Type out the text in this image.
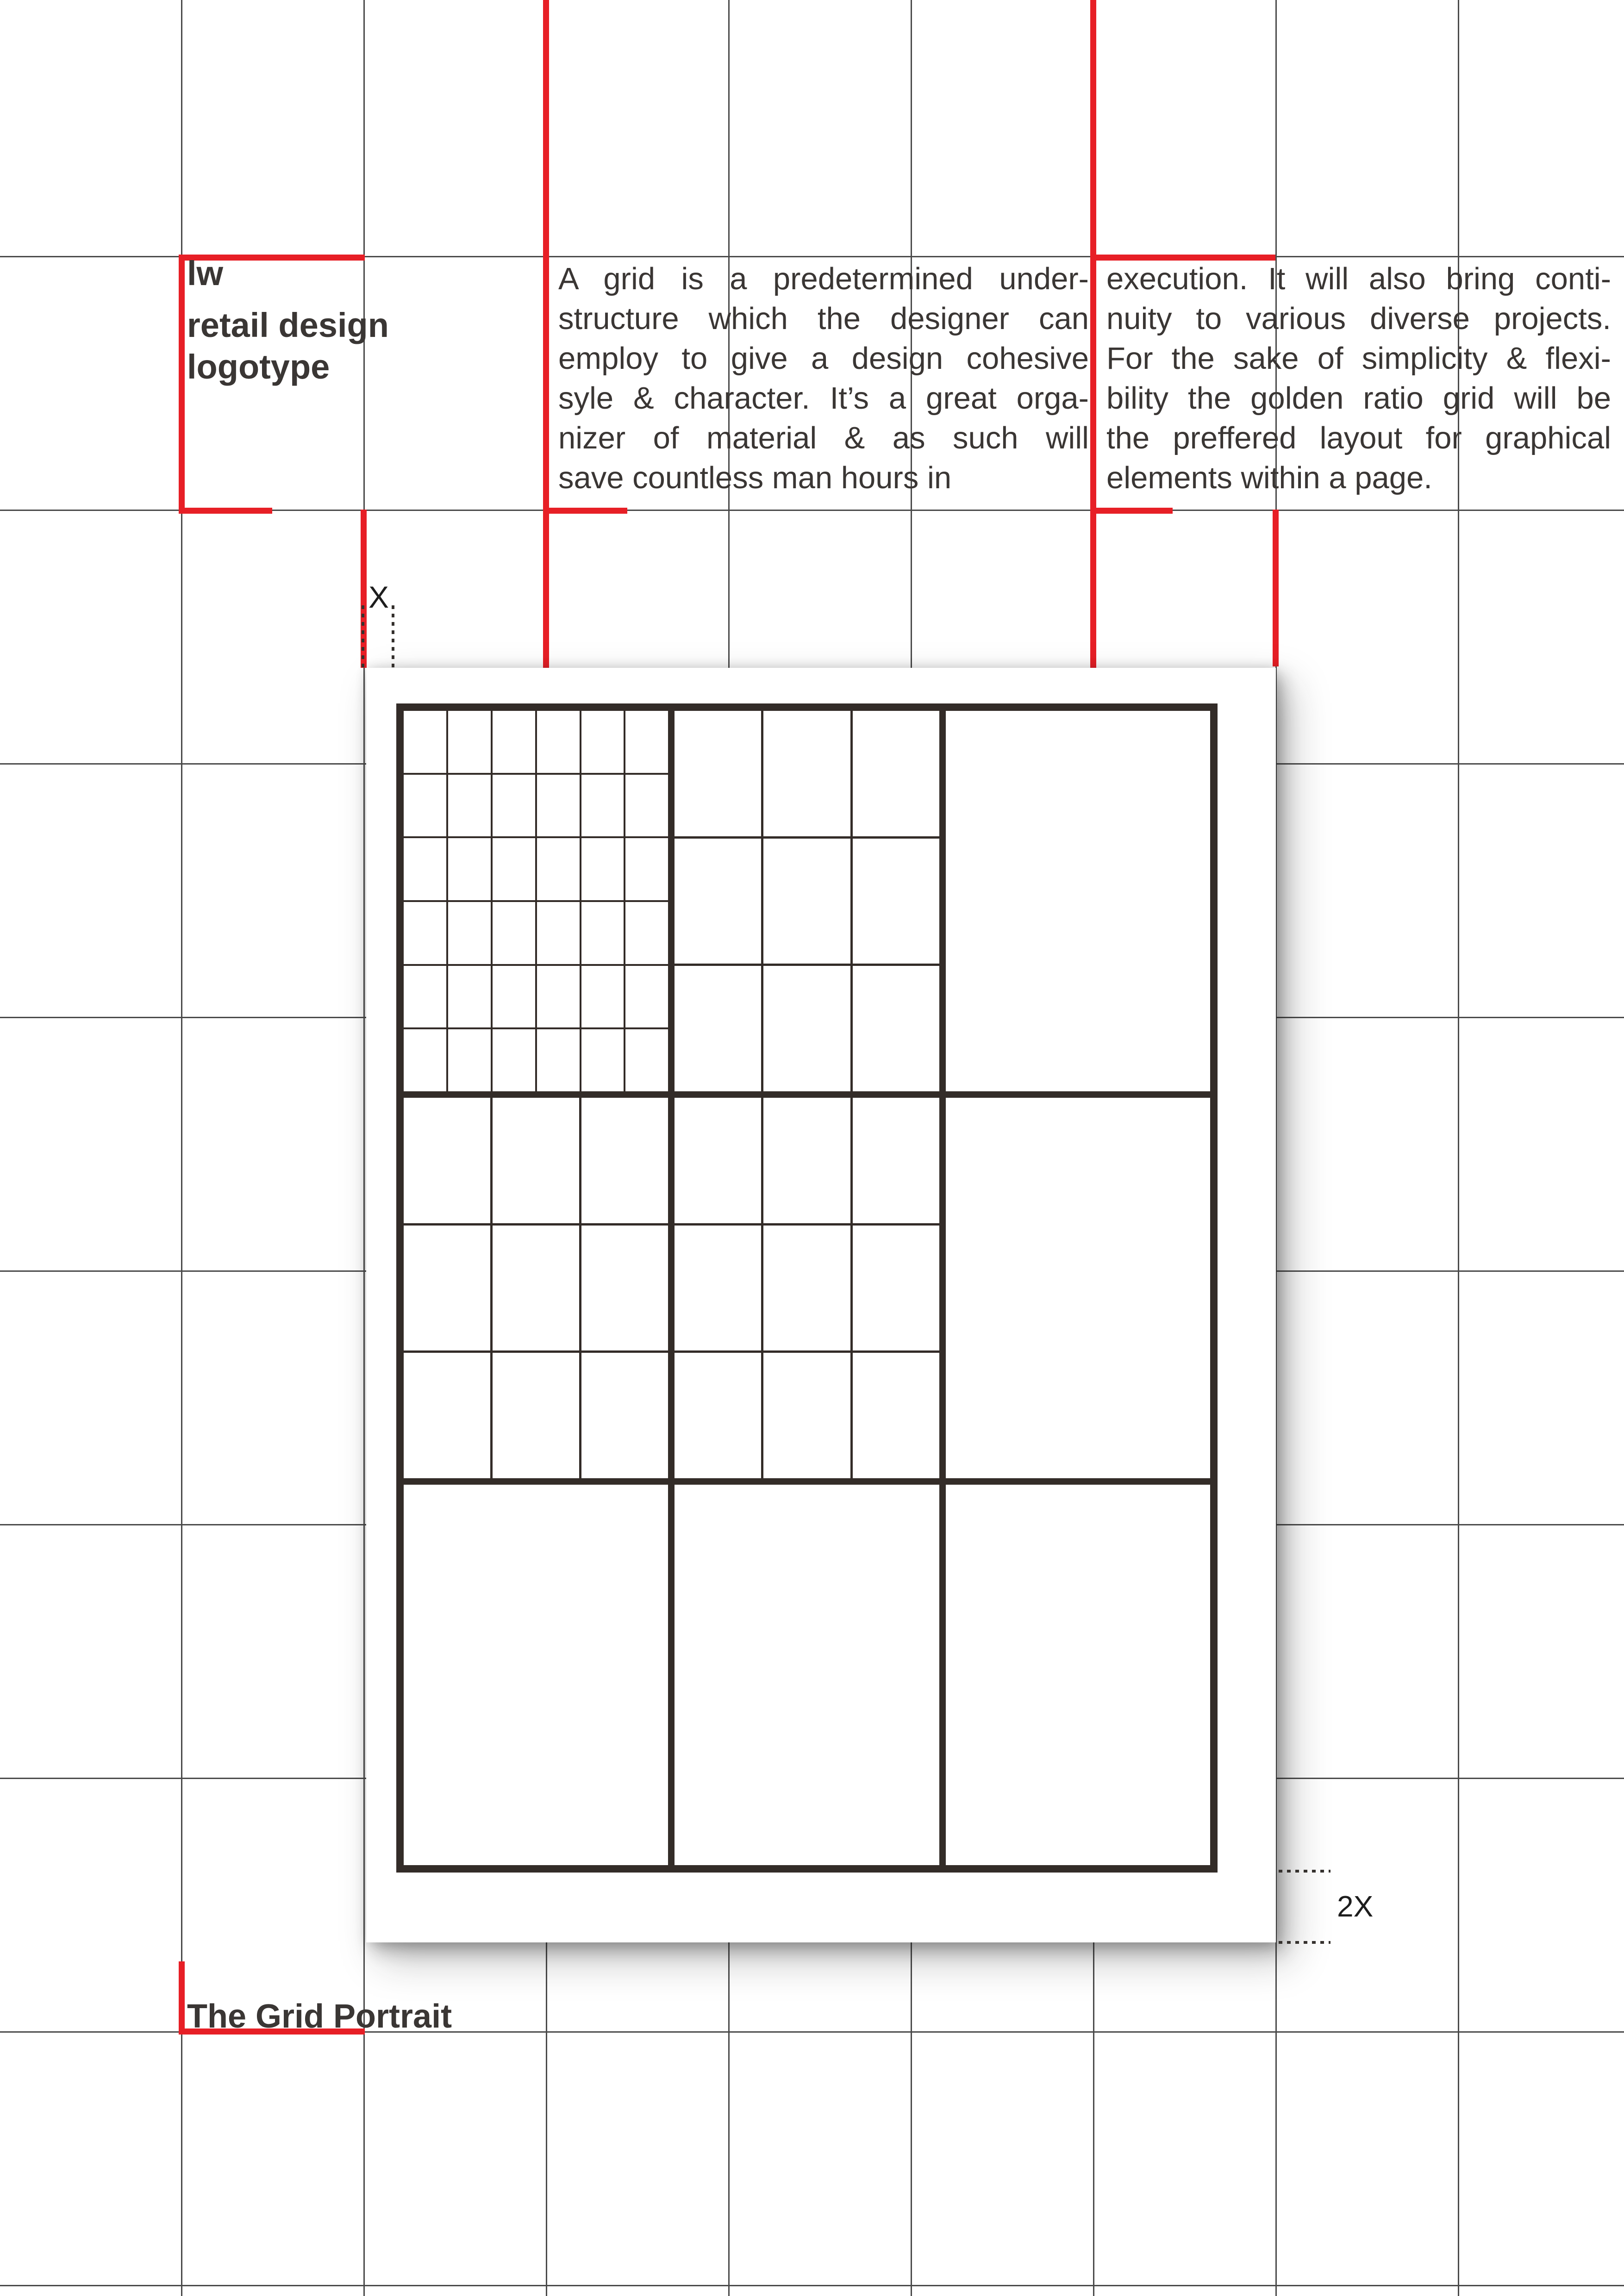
lw
retail design
logotype
A grid is a predetermined under-
structure which the designer can
employ to give a design cohesive
syle & character. It’s a great orga-
nizer of material & as such will
save countless man hours in
execution. It will also bring conti-
nuity to various diverse projects.
For the sake of simplicity & flexi-
bility the golden ratio grid will be
the preffered layout for graphical
elements within a page.
X
2X
The Grid Portrait
